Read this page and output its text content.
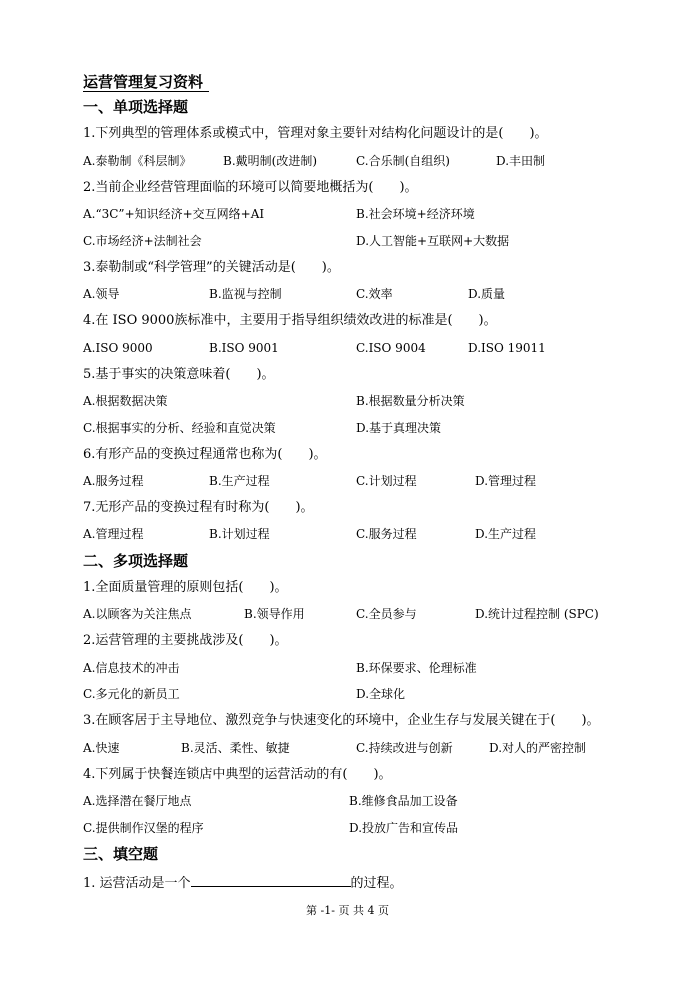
运营管理复习资料
一、单项选择题
1.下列典型的管理体系或模式中，管理对象主要针对结构化问题设计的是(　　)。
A.泰勒制《科层制》	B.戴明制(改进制)	C.合乐制(自组织)	D.丰田制
2.当前企业经营管理面临的环境可以简要地概括为(　　)。
A.“3C”+知识经济+交互网络+AI	B.社会环境+经济环境
C.市场经济+法制社会	D.人工智能+互联网+大数据
3.泰勒制或“科学管理”的关键活动是(　　)。
A.领导	B.监视与控制	C.效率	D.质量
4.在 ISO 9000族标准中，主要用于指导组织绩效改进的标准是(　　)。
A.ISO 9000	B.ISO 9001	C.ISO 9004	D.ISO 19011
5.基于事实的决策意味着(　　)。
A.根据数据决策	B.根据数量分析决策
C.根据事实的分析、经验和直觉决策	D.基于真理决策
6.有形产品的变换过程通常也称为(　　)。
A.服务过程	B.生产过程	C.计划过程	D.管理过程
7.无形产品的变换过程有时称为(　　)。
A.管理过程	B.计划过程	C.服务过程	D.生产过程
二、多项选择题
1.全面质量管理的原则包括(　　)。
A.以顾客为关注焦点	B.领导作用	C.全员参与	D.统计过程控制 (SPC)
2.运营管理的主要挑战涉及(　　)。
A.信息技术的冲击	B.环保要求、伦理标准
C.多元化的新员工	D.全球化
3.在顾客居于主导地位、激烈竞争与快速变化的环境中，企业生存与发展关键在于(　　)。
A.快速	B.灵活、柔性、敏捷	C.持续改进与创新	D.对人的严密控制
4.下列属于快餐连锁店中典型的运营活动的有(　　)。
A.选择潜在餐厅地点	B.维修食品加工设备
C.提供制作汉堡的程序	D.投放广告和宣传品
三、填空题
1. 运营活动是一个	的过程。
第 -1- 页 共 4 页
